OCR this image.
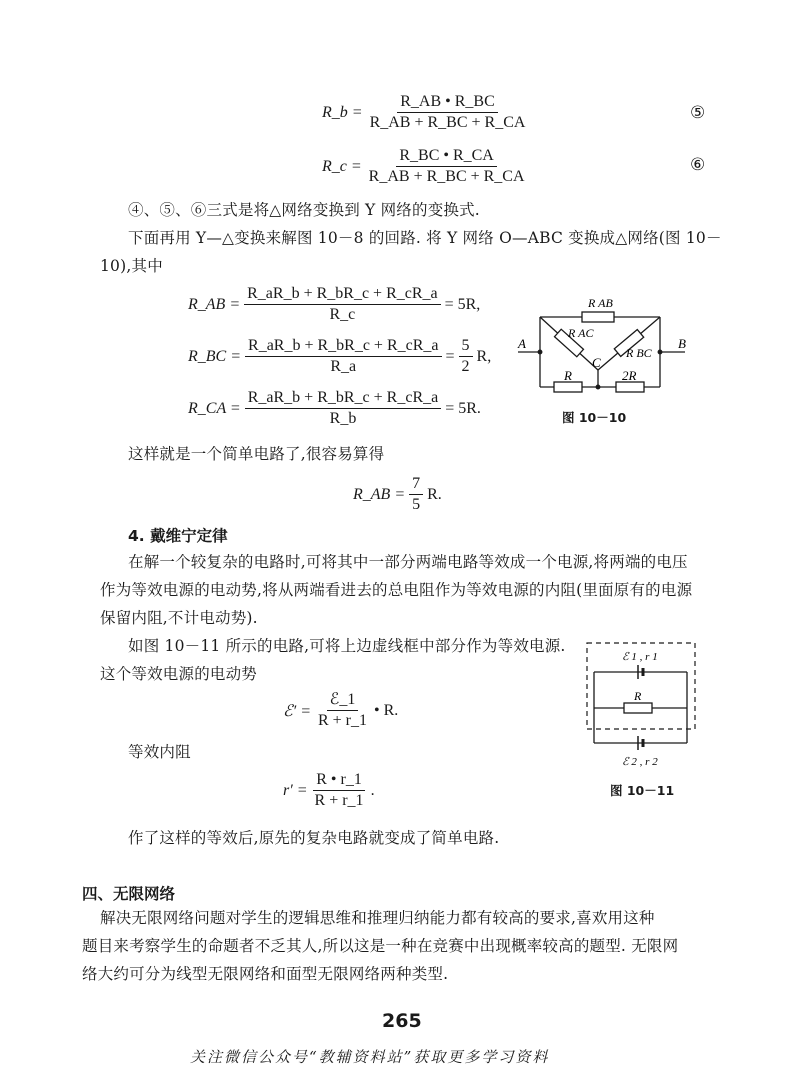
R_b = $\frac{R\_AB • R\_BC}{R\_AB + R\_BC + R\_CA}$	⑤
R_c = $\frac{R\_BC • R\_CA}{R\_AB + R\_BC + R\_CA}$	⑥
④、⑤、⑥三式是将△网络变换到 Y 网络的变换式.
下面再用 Y—△变换来解图 10－8 的回路. 将 Y 网络 O—ABC 变换成△网络(图 10－
10),其中
R_AB = $\frac{R\_aR\_b + R\_bR\_c + R\_cR\_a}{R\_c} = 5R$,
R_BC = $\frac{R\_aR\_b + R\_bR\_c + R\_cR\_a}{R\_a} = \frac{5}{2} R$,
R_CA = $\frac{R\_aR\_b + R\_bR\_c + R\_cR\_a}{R\_b} = 5R$.
R AB
R AC
R BC
A	B
C
R	2R
图 10－10
这样就是一个简单电路了,很容易算得
R_AB = $\frac{7}{5} R$.
4. 戴维宁定律
在解一个较复杂的电路时,可将其中一部分两端电路等效成一个电源,将两端的电压
作为等效电源的电动势,将从两端看进去的总电阻作为等效电源的内阻(里面原有的电源
保留内阻,不计电动势).
如图 10－11 所示的电路,可将上边虚线框中部分作为等效电源.
这个等效电源的电动势
ℰ 1 , r 1
R
ℰ 2 , r 2
图 10－11
ℰ′ = $\frac{\text{ℰ\_1}}{R + r\_1}$ • R.
等效内阻
$r' = \frac{R • r\_1}{R + r\_1}$ .
作了这样的等效后,原先的复杂电路就变成了简单电路.
四、无限网络
解决无限网络问题对学生的逻辑思维和推理归纳能力都有较高的要求,喜欢用这种
题目来考察学生的命题者不乏其人,所以这是一种在竞赛中出现概率较高的题型. 无限网
络大约可分为线型无限网络和面型无限网络两种类型.
265
关注微信公众号“教辅资料站”获取更多学习资料
